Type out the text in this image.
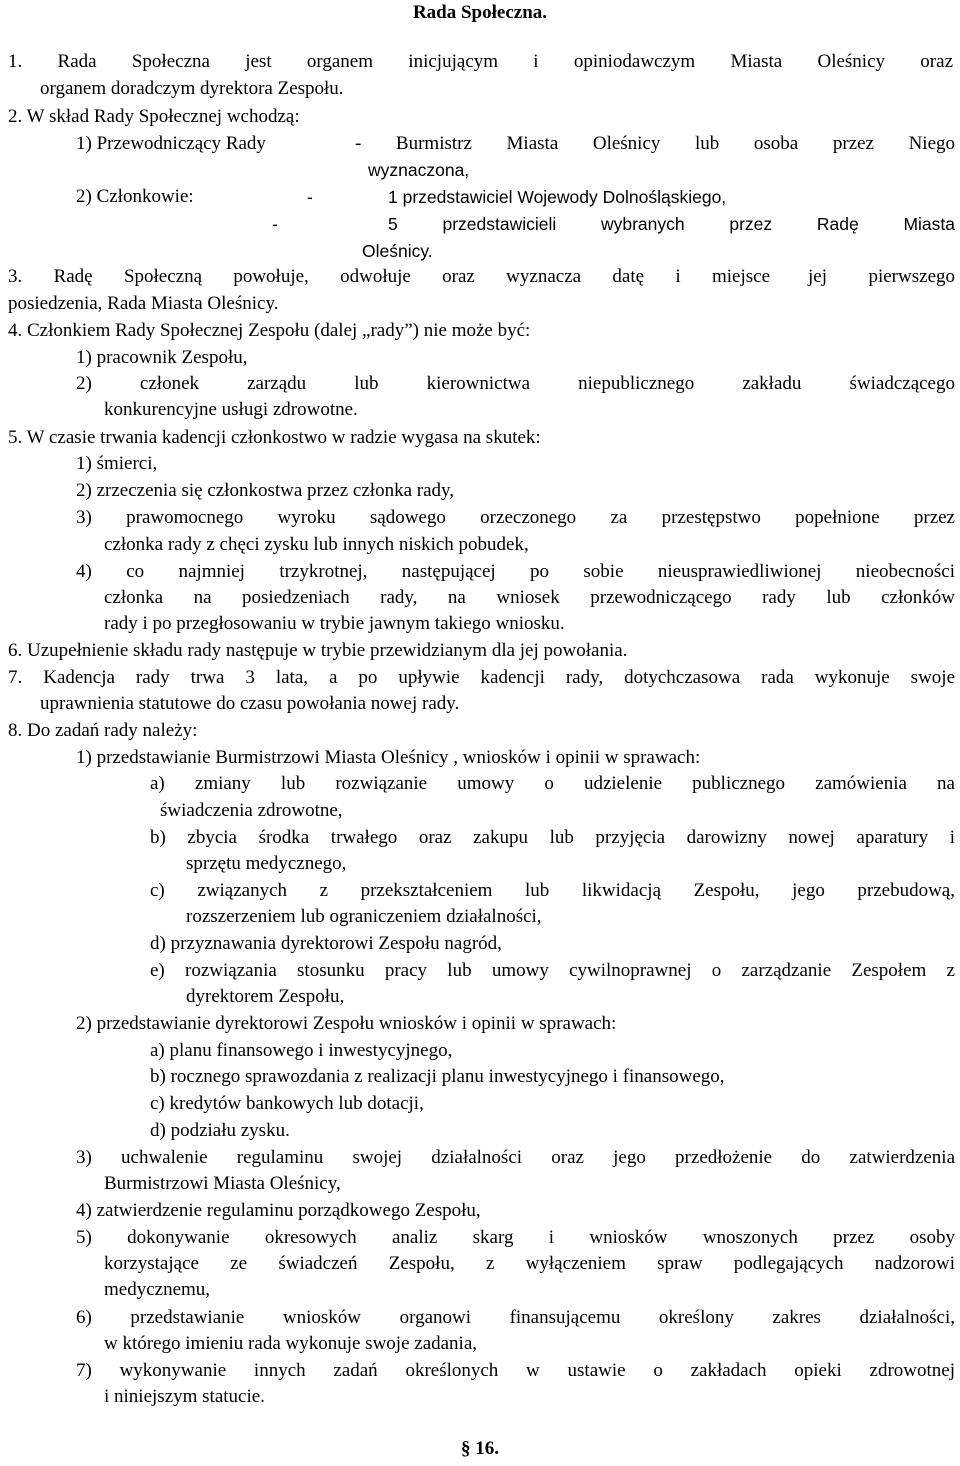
Rada Społeczna.
1. Rada Społeczna jest organem inicjującym i opiniodawczym Miasta Oleśnicy oraz
organem doradczym dyrektora Zespołu.
2. W skład Rady Społecznej wchodzą:
1) Przewodniczący Rady	- Burmistrz Miasta Oleśnicy lub osoba przez Niego
wyznaczona,
2) Członkowie:	-	1 przedstawiciel Wojewody Dolnośląskiego,
-	5 przedstawicieli wybranych przez Radę Miasta
Oleśnicy.
3. Radę Społeczną powołuje, odwołuje oraz wyznacza datę i miejsce jej pierwszego
posiedzenia, Rada Miasta Oleśnicy.
4. Członkiem Rady Społecznej Zespołu (dalej „rady”) nie może być:
1) pracownik Zespołu,
2) członek zarządu lub kierownictwa niepublicznego zakładu świadczącego
konkurencyjne usługi zdrowotne.
5. W czasie trwania kadencji członkostwo w radzie wygasa na skutek:
1) śmierci,
2) zrzeczenia się członkostwa przez członka rady,
3) prawomocnego wyroku sądowego orzeczonego za przestępstwo popełnione przez
członka rady z chęci zysku lub innych niskich pobudek,
4) co najmniej trzykrotnej, następującej po sobie nieusprawiedliwionej nieobecności
członka na posiedzeniach rady, na wniosek przewodniczącego rady lub członków
rady i po przegłosowaniu w trybie jawnym takiego wniosku.
6. Uzupełnienie składu rady następuje w trybie przewidzianym dla jej powołania.
7. Kadencja rady trwa 3 lata, a po upływie kadencji rady, dotychczasowa rada wykonuje swoje
uprawnienia statutowe do czasu powołania nowej rady.
8. Do zadań rady należy:
1) przedstawianie Burmistrzowi Miasta Oleśnicy , wniosków i opinii w sprawach:
a) zmiany lub rozwiązanie umowy o udzielenie publicznego zamówienia na
świadczenia zdrowotne,
b) zbycia środka trwałego oraz zakupu lub przyjęcia darowizny nowej aparatury i
sprzętu medycznego,
c) związanych z przekształceniem lub likwidacją Zespołu, jego przebudową,
rozszerzeniem lub ograniczeniem działalności,
d) przyznawania dyrektorowi Zespołu nagród,
e) rozwiązania stosunku pracy lub umowy cywilnoprawnej o zarządzanie Zespołem z
dyrektorem Zespołu,
2) przedstawianie dyrektorowi Zespołu wniosków i opinii w sprawach:
a) planu finansowego i inwestycyjnego,
b) rocznego sprawozdania z realizacji planu inwestycyjnego i finansowego,
c) kredytów bankowych lub dotacji,
d) podziału zysku.
3) uchwalenie regulaminu swojej działalności oraz jego przedłożenie do zatwierdzenia
Burmistrzowi Miasta Oleśnicy,
4) zatwierdzenie regulaminu porządkowego Zespołu,
5) dokonywanie okresowych analiz skarg i wniosków wnoszonych przez osoby
korzystające ze świadczeń Zespołu, z wyłączeniem spraw podlegających nadzorowi
medycznemu,
6) przedstawianie wniosków organowi finansującemu określony zakres działalności,
w którego imieniu rada wykonuje swoje zadania,
7) wykonywanie innych zadań określonych w ustawie o zakładach opieki zdrowotnej
i niniejszym statucie.
§ 16.
